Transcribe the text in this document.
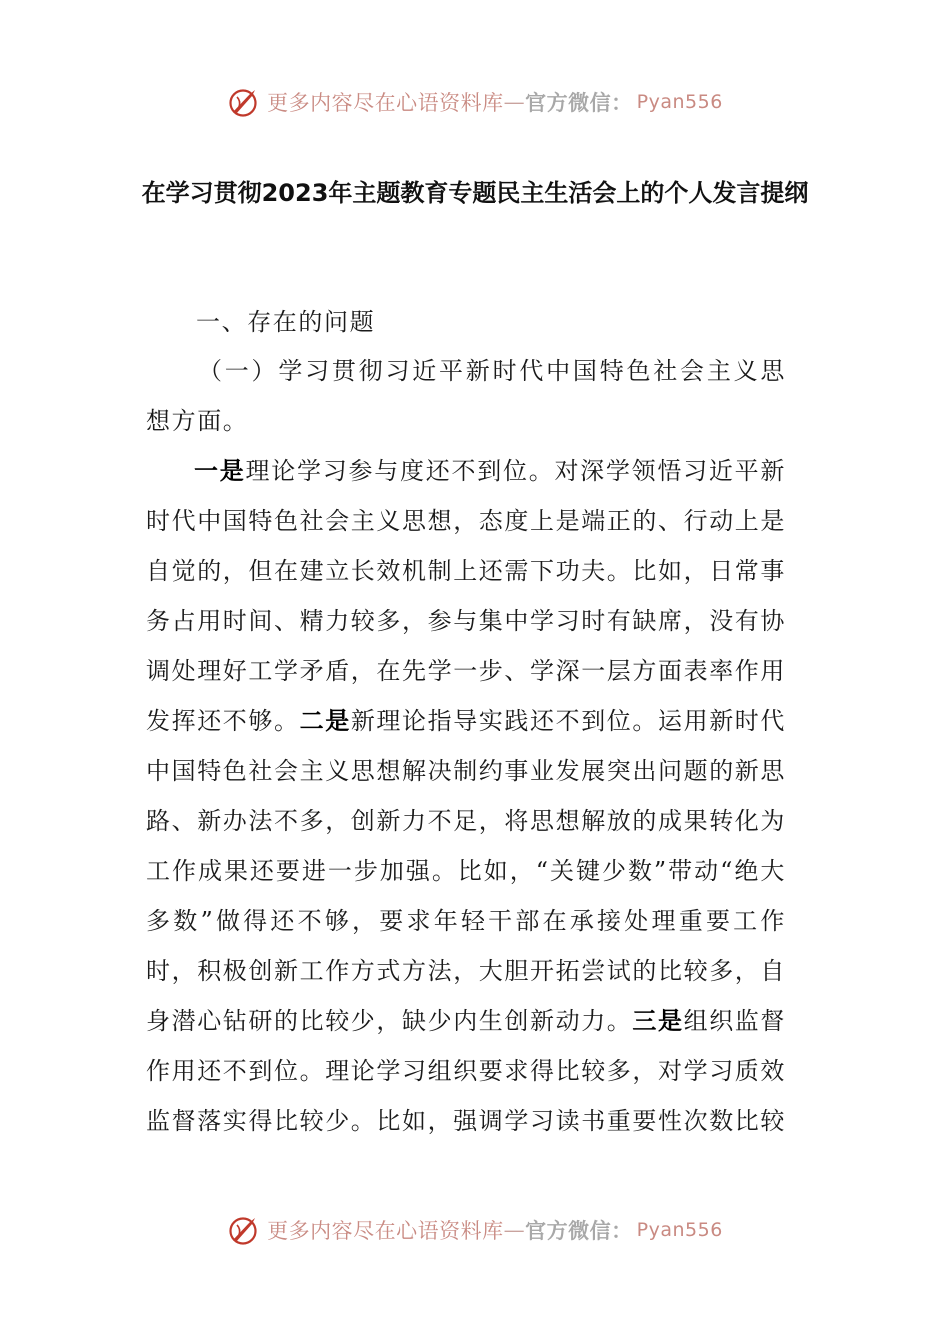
更多内容尽在心语资料库 — 官方微信： Pyan556
在学习贯彻2023年主题教育专题民主生活会上的个人发言提纲
一、存在的问题
（一）学习贯彻习近平新时代中国特色社会主义思想方面。
一是理论学习参与度还不到位。对深学领悟习近平新时代中国特色社会主义思想，态度上是端正的、行动上是自觉的，但在建立长效机制上还需下功夫。比如，日常事务占用时间、精力较多，参与集中学习时有缺席，没有协调处理好工学矛盾，在先学一步、学深一层方面表率作用发挥还不够。二是新理论指导实践还不到位。运用新时代中国特色社会主义思想解决制约事业发展突出问题的新思路、新办法不多，创新力不足，将思想解放的成果转化为工作成果还要进一步加强。比如，“关键少数”带动“绝大多数”做得还不够，要求年轻干部在承接处理重要工作时，积极创新工作方式方法，大胆开拓尝试的比较多，自身潜心钻研的比较少，缺少内生创新动力。三是组织监督作用还不到位。理论学习组织要求得比较多，对学习质效监督落实得比较少。比如，强调学习读书重要性次数比较
更多内容尽在心语资料库 — 官方微信： Pyan556
